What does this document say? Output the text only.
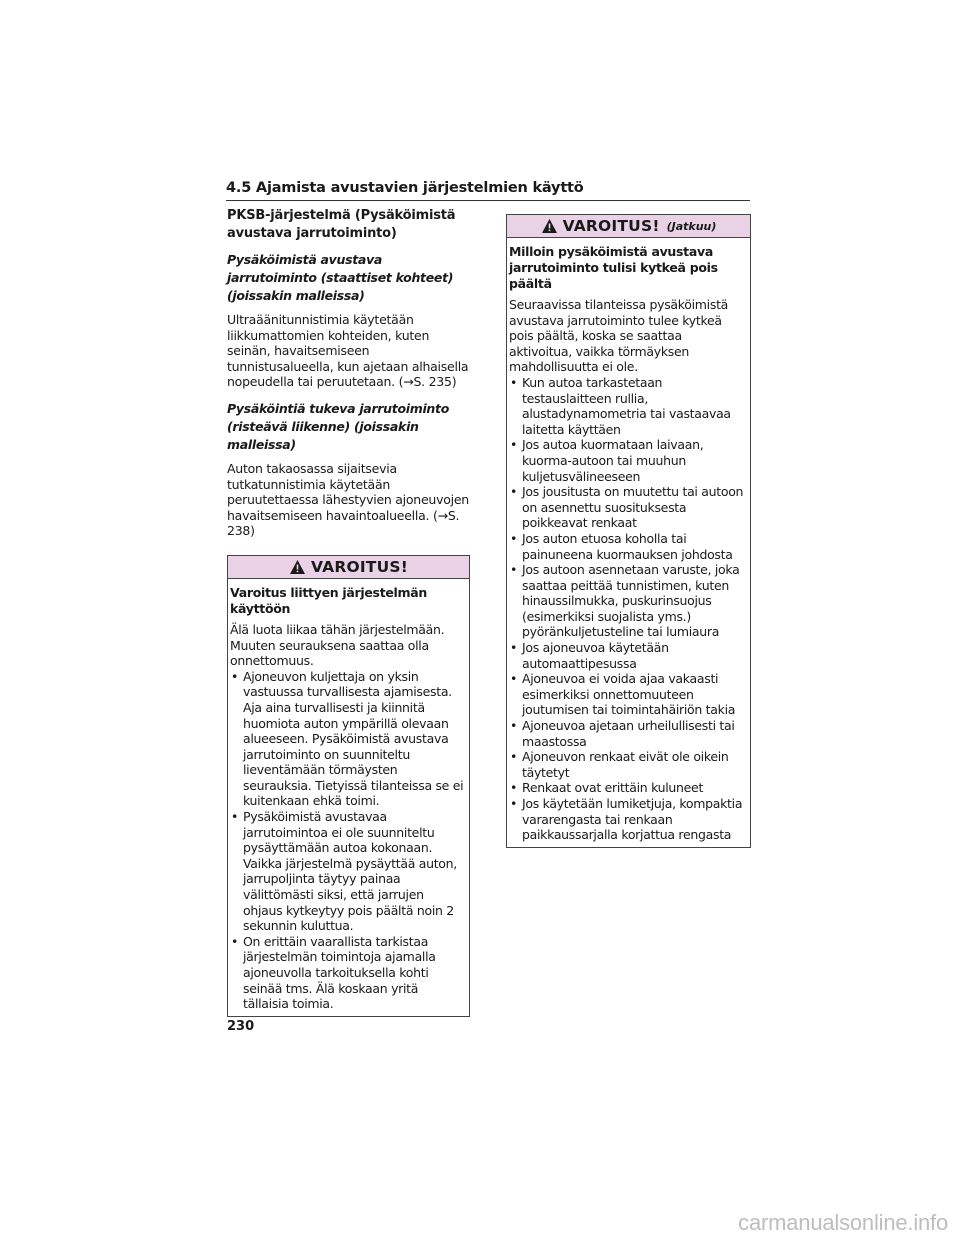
4.5 Ajamista avustavien järjestelmien käyttö
PKSB-järjestelmä (Pysäköimistä avustava jarrutoiminto)
Pysäköimistä avustava jarrutoiminto (staattiset kohteet) (joissakin malleissa)

Ultraäänitunnistimia käytetään liikkumattomien kohteiden, kuten seinän, havaitsemiseen tunnistusalueella, kun ajetaan alhaisella nopeudella tai peruutetaan. (→S. 235)

Pysäköintiä tukeva jarrutoiminto (risteävä liikenne) (joissakin malleissa)

Auton takaosassa sijaitsevia tutkatunnistimia käytetään peruutettaessa lähestyvien ajoneuvojen havaitsemiseen havaintoalueella. (→S. 238)

VAROITUS!
Varoitus liittyen järjestelmän käyttöön

Älä luota liikaa tähän järjestelmään. Muuten seurauksena saattaa olla onnettomuus.

• Ajoneuvon kuljettaja on yksin vastuussa turvallisesta ajamisesta. Aja aina turvallisesti ja kiinnitä huomiota auton ympärillä olevaan alueeseen. Pysäköimistä avustava jarrutoiminto on suunniteltu lieventämään törmäysten seurauksia. Tietyissä tilanteissa se ei kuitenkaan ehkä toimi.
• Pysäköimistä avustavaa jarrutoimintoa ei ole suunniteltu pysäyttämään autoa kokonaan. Vaikka järjestelmä pysäyttää auton, jarrupoljinta täytyy painaa välittömästi siksi, että jarrujen ohjaus kytkeytyy pois päältä noin 2 sekunnin kuluttua.
• On erittäin vaarallista tarkistaa järjestelmän toimintoja ajamalla ajoneuvolla tarkoituksella kohti seinää tms. Älä koskaan yritä tällaisia toimia.
VAROITUS! (Jatkuu)
Milloin pysäköimistä avustava jarrutoiminto tulisi kytkeä pois päältä

Seuraavissa tilanteissa pysäköimistä avustava jarrutoiminto tulee kytkeä pois päältä, koska se saattaa aktivoitua, vaikka törmäyksen mahdollisuutta ei ole.

• Kun autoa tarkastetaan testauslaitteen rullia, alustadynamometria tai vastaavaa laitetta käyttäen
• Jos autoa kuormataan laivaan, kuorma-autoon tai muuhun kuljetusvälineeseen
• Jos jousitusta on muutettu tai autoon on asennettu suosituksesta poikkeavat renkaat
• Jos auton etuosa koholla tai painuneena kuormauksen johdosta
• Jos autoon asennetaan varuste, joka saattaa peittää tunnistimen, kuten hinaussilmukka, puskurinsuojus (esimerkiksi suojalista yms.) pyöränkuljetusteline tai lumiaura
• Jos ajoneuvoa käytetään automaattipesussa
• Ajoneuvoa ei voida ajaa vakaasti esimerkiksi onnettomuuteen joutumisen tai toimintahäiriön takia
• Ajoneuvoa ajetaan urheilullisesti tai maastossa
• Ajoneuvon renkaat eivät ole oikein täytetyt
• Renkaat ovat erittäin kuluneet
• Jos käytetään lumiketjuja, kompaktia vararengasta tai renkaan paikkaussarjalla korjattua rengasta
230
carmanualsonline.info
